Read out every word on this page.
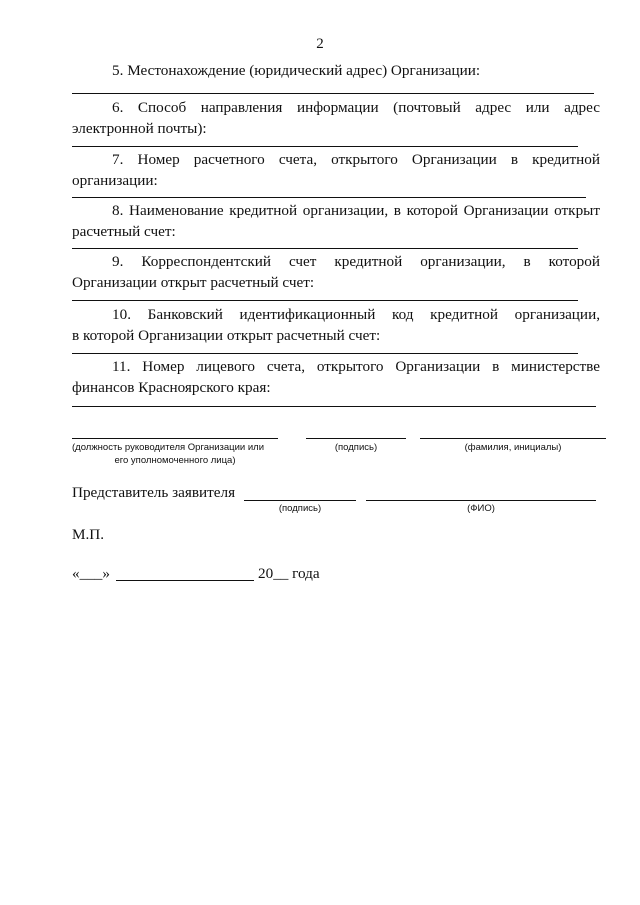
2
5. Местонахождение (юридический адрес) Организации:
6. Способ направления информации (почтовый адрес или адрес
электронной почты):
7. Номер расчетного счета, открытого Организации в кредитной
организации:
8. Наименование кредитной организации, в которой Организации открыт
расчетный счет:
9. Корреспондентский счет кредитной организации, в которой
Организации открыт расчетный счет:
10. Банковский идентификационный код кредитной организации,
в которой Организации открыт расчетный счет:
11. Номер лицевого счета, открытого Организации в министерстве
финансов Красноярского края:
(должность руководителя Организации или
его уполномоченного лица)
(подпись)	(фамилия, инициалы)
Представитель заявителя
(подпись)	(ФИО)
М.П.
«___»	20__ года
